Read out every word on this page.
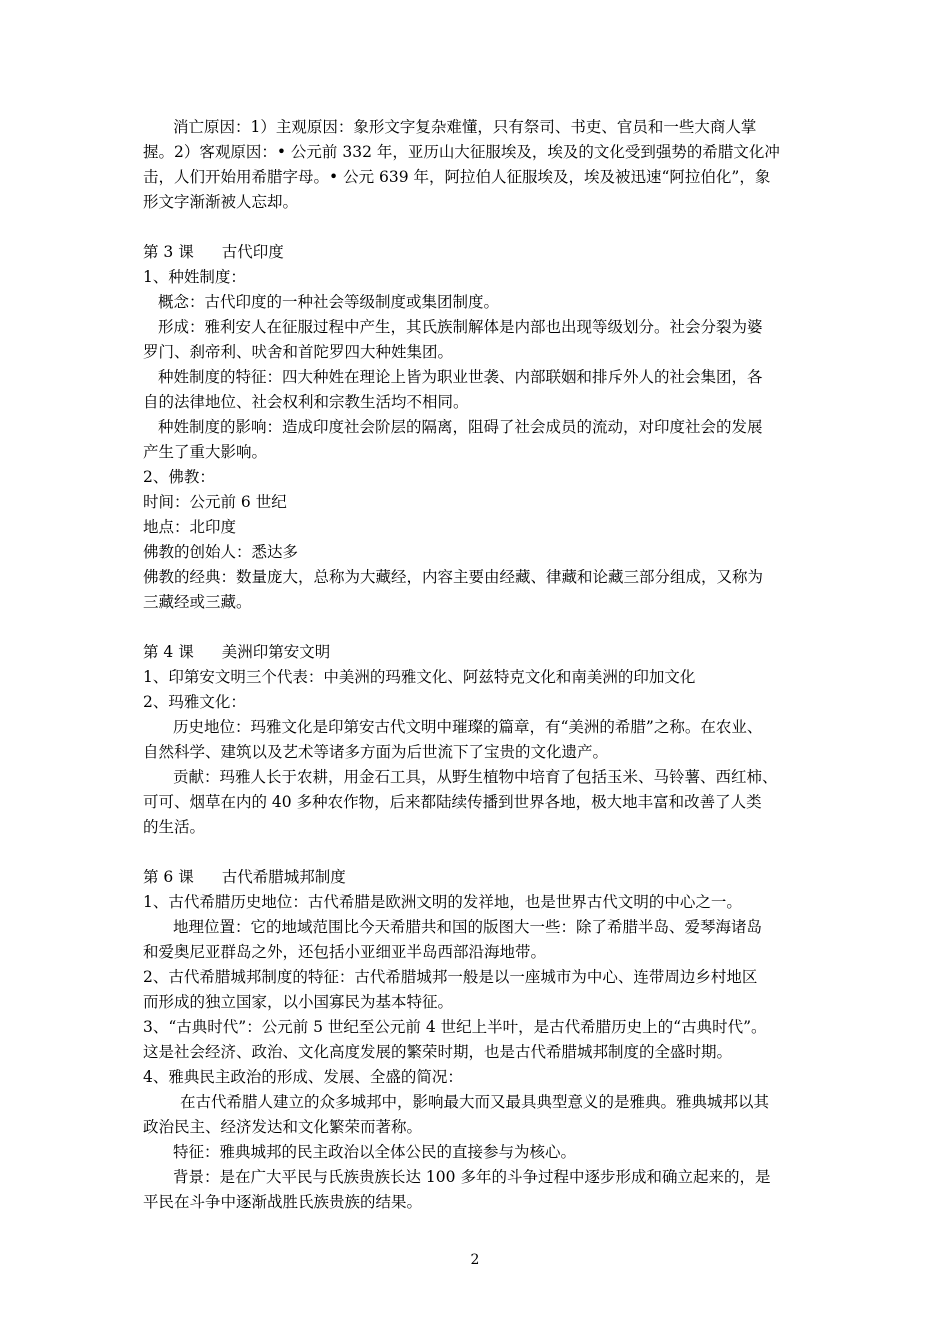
消亡原因：1）主观原因：象形文字复杂难懂，只有祭司、书吏、官员和一些大商人掌
握。2）客观原因：• 公元前 332 年，亚历山大征服埃及，埃及的文化受到强势的希腊文化冲
击，人们开始用希腊字母。• 公元 639 年，阿拉伯人征服埃及，埃及被迅速“阿拉伯化”，象
形文字渐渐被人忘却。
第 3 课 古代印度
1、种姓制度：
概念：古代印度的一种社会等级制度或集团制度。
形成：雅利安人在征服过程中产生，其氏族制解体是内部也出现等级划分。社会分裂为婆
罗门、刹帝利、吠舍和首陀罗四大种姓集团。
种姓制度的特征：四大种姓在理论上皆为职业世袭、内部联姻和排斥外人的社会集团，各
自的法律地位、社会权利和宗教生活均不相同。
种姓制度的影响：造成印度社会阶层的隔离，阻碍了社会成员的流动，对印度社会的发展
产生了重大影响。
2、佛教：
时间：公元前 6 世纪
地点：北印度
佛教的创始人：悉达多
佛教的经典：数量庞大，总称为大藏经，内容主要由经藏、律藏和论藏三部分组成，又称为
三藏经或三藏。
第 4 课 美洲印第安文明
1、印第安文明三个代表：中美洲的玛雅文化、阿兹特克文化和南美洲的印加文化
2、玛雅文化：
历史地位：玛雅文化是印第安古代文明中璀璨的篇章，有“美洲的希腊”之称。在农业、
自然科学、建筑以及艺术等诸多方面为后世流下了宝贵的文化遗产。
贡献：玛雅人长于农耕，用金石工具，从野生植物中培育了包括玉米、马铃薯、西红柿、
可可、烟草在内的 40 多种农作物，后来都陆续传播到世界各地，极大地丰富和改善了人类
的生活。
第 6 课 古代希腊城邦制度
1、古代希腊历史地位：古代希腊是欧洲文明的发祥地，也是世界古代文明的中心之一。
地理位置：它的地域范围比今天希腊共和国的版图大一些：除了希腊半岛、爱琴海诸岛
和爱奥尼亚群岛之外，还包括小亚细亚半岛西部沿海地带。
2、古代希腊城邦制度的特征：古代希腊城邦一般是以一座城市为中心、连带周边乡村地区
而形成的独立国家，以小国寡民为基本特征。
3、“古典时代”：公元前 5 世纪至公元前 4 世纪上半叶，是古代希腊历史上的“古典时代”。
这是社会经济、政治、文化高度发展的繁荣时期，也是古代希腊城邦制度的全盛时期。
4、雅典民主政治的形成、发展、全盛的简况：
在古代希腊人建立的众多城邦中，影响最大而又最具典型意义的是雅典。雅典城邦以其
政治民主、经济发达和文化繁荣而著称。
特征：雅典城邦的民主政治以全体公民的直接参与为核心。
背景：是在广大平民与氏族贵族长达 100 多年的斗争过程中逐步形成和确立起来的，是
平民在斗争中逐渐战胜氏族贵族的结果。
2
